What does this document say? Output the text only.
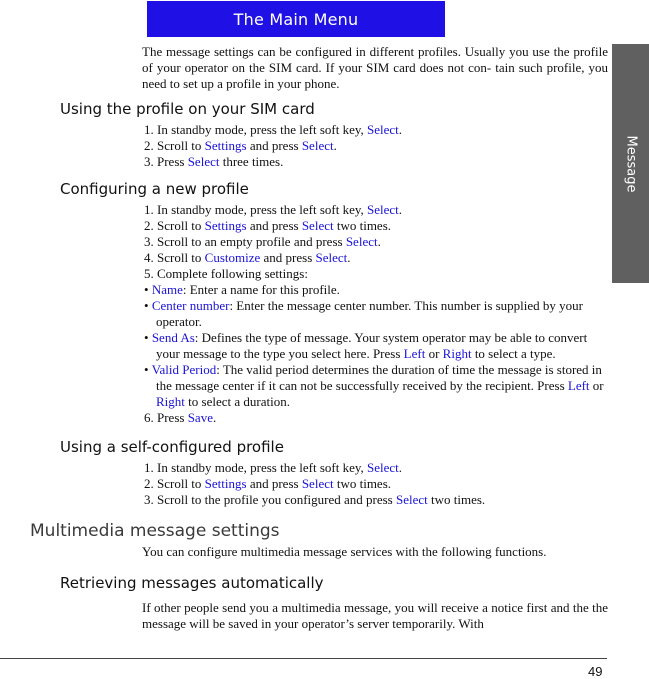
The Main Menu
Message
The message settings can be configured in different profiles. Usually you use the profile of your operator on the SIM card. If your SIM card does not con- tain such profile, you need to set up a profile in your phone.
Using the profile on your SIM card
1. In standby mode, press the left soft key, Select.
2. Scroll to Settings and press Select.
3. Press Select three times.
Configuring a new profile
1. In standby mode, press the left soft key, Select.
2. Scroll to Settings and press Select two times.
3. Scroll to an empty profile and press Select.
4. Scroll to Customize and press Select.
5. Complete following settings:
• Name: Enter a name for this profile.
• Center number: Enter the message center number. This number is supplied by your operator.
• Send As: Defines the type of message. Your system operator may be able to convert your message to the type you select here. Press Left or Right to select a type.
• Valid Period: The valid period determines the duration of time the message is stored in the message center if it can not be successfully received by the recipient. Press Left or Right to select a duration.
6. Press Save.
Using a self-configured profile
1. In standby mode, press the left soft key, Select.
2. Scroll to Settings and press Select two times.
3. Scroll to the profile you configured and press Select two times.
Multimedia message settings
You can configure multimedia message services with the following functions.
Retrieving messages automatically
If other people send you a multimedia message, you will receive a notice first and the the message will be saved in your operator’s server temporarily. With
49
